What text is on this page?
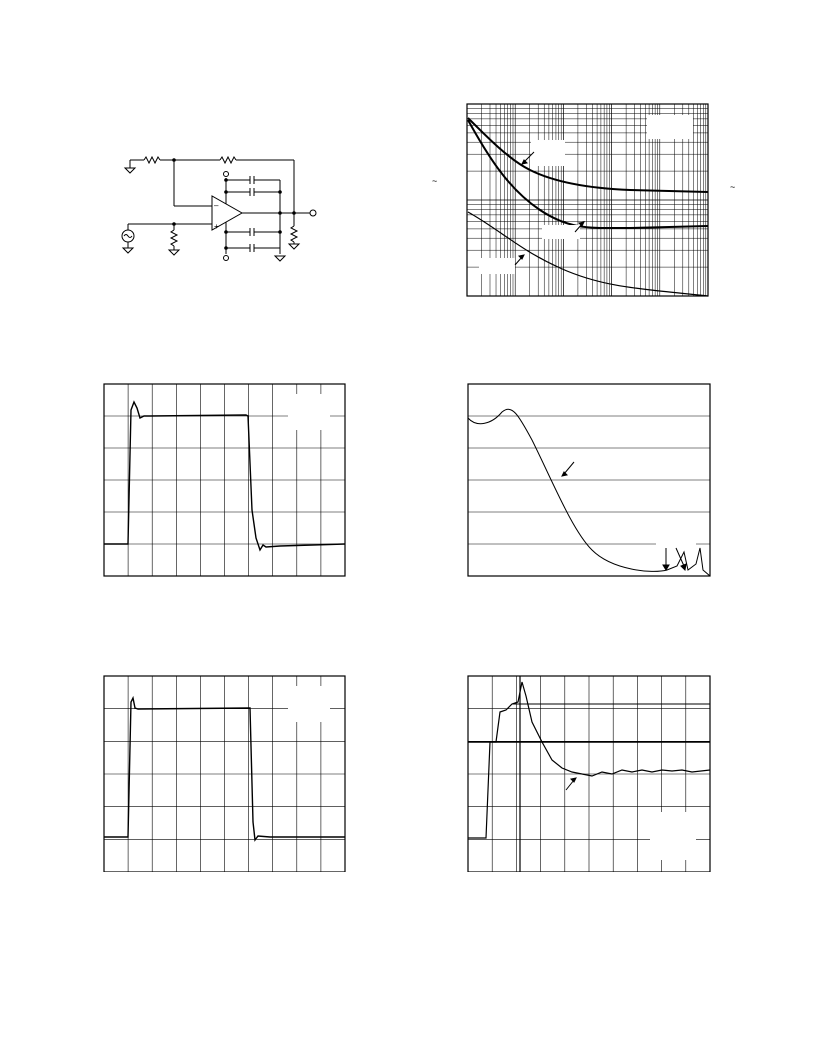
–
+
~
~
